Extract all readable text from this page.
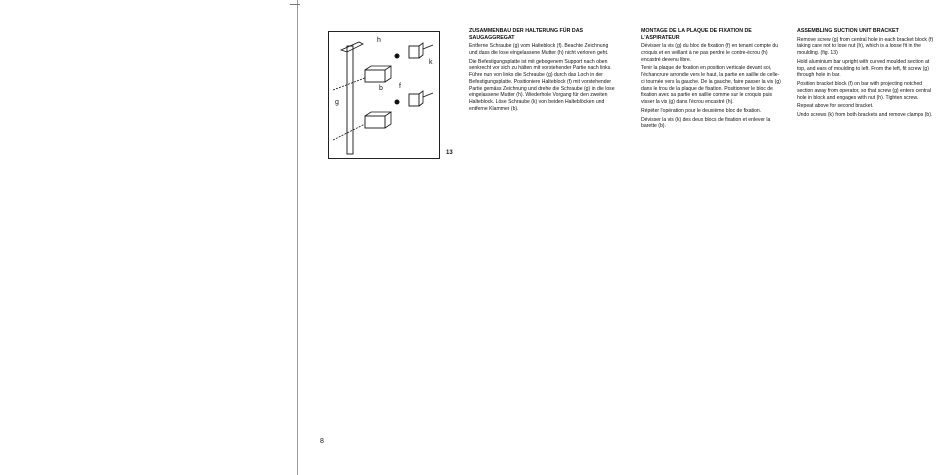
h
k
b f
g
13
ZUSAMMENBAU DER HALTERUNG FÜR DAS SAUGAGGREGAT

Entferne Schraube (g) vom Halteblock (f). Beachte Zeichnung und dass die lose eingelassene Mutter (h) nicht verloren geht.

Die Befestigungsplatte ist mit gebogenem Support nach oben senkrecht vor sich zu hälten mit vorstehender Partie nach links. Führe nun von links die Schraube (g) durch das Loch in der Befestigungsplatte. Positioniere Halteblock (f) mit vorstehender Partie gemäss Zeichnung und drehe die Schraube (g) in die lose eingelassene Mutter (h). Wiederhole Vorgang für den zweiten Halteblock. Löse Schraube (k) von beiden Halteblöcken und entferne Klammer (b).

MONTAGE DE LA PLAQUE DE FIXATION DE L'ASPIRATEUR

Dévisser la vis (g) du bloc de fixation (f) en tenant compte du croquis et en veillant à ne pas perdre le contre-écrou (h) encastré devenu libre.

Tenir la plaque de fixation en position verticale devant soi, l'échancrure arrondie vers le haut, la partie en saillie de celle-ci tournée vers la gauche. De la gauche, faire passer la vis (g) dans le trou de la plaque de fixation. Positionner le bloc de fixation avec sa partie en saillie comme sur le croquis puis visser la vis (g) dans l'écrou encastré (h).

Répéter l'opération pour le deuxième bloc de fixation.

Dévisser la vis (k) des deux blocs de fixation et enlever la barette (b).

ASSEMBLING SUCTION UNIT BRACKET

Remove screw (g) from central hole in each bracket block (f) taking care not to lose nut (h), which is a loose fit in the moulding. (fig. 13)

Hold aluminium bar upright with curved moulded section at top, and ears of moulding to left. From the left, fit screw (g) through hole in bar.

Position bracket block (f) on bar with projecting notched section away from operator, so that screw (g) enters central hole in block and engages with nut (h). Tighten screw.

Repeat above for second bracket.

Undo screws (k) from both brackets and remove clamps (b).

8
